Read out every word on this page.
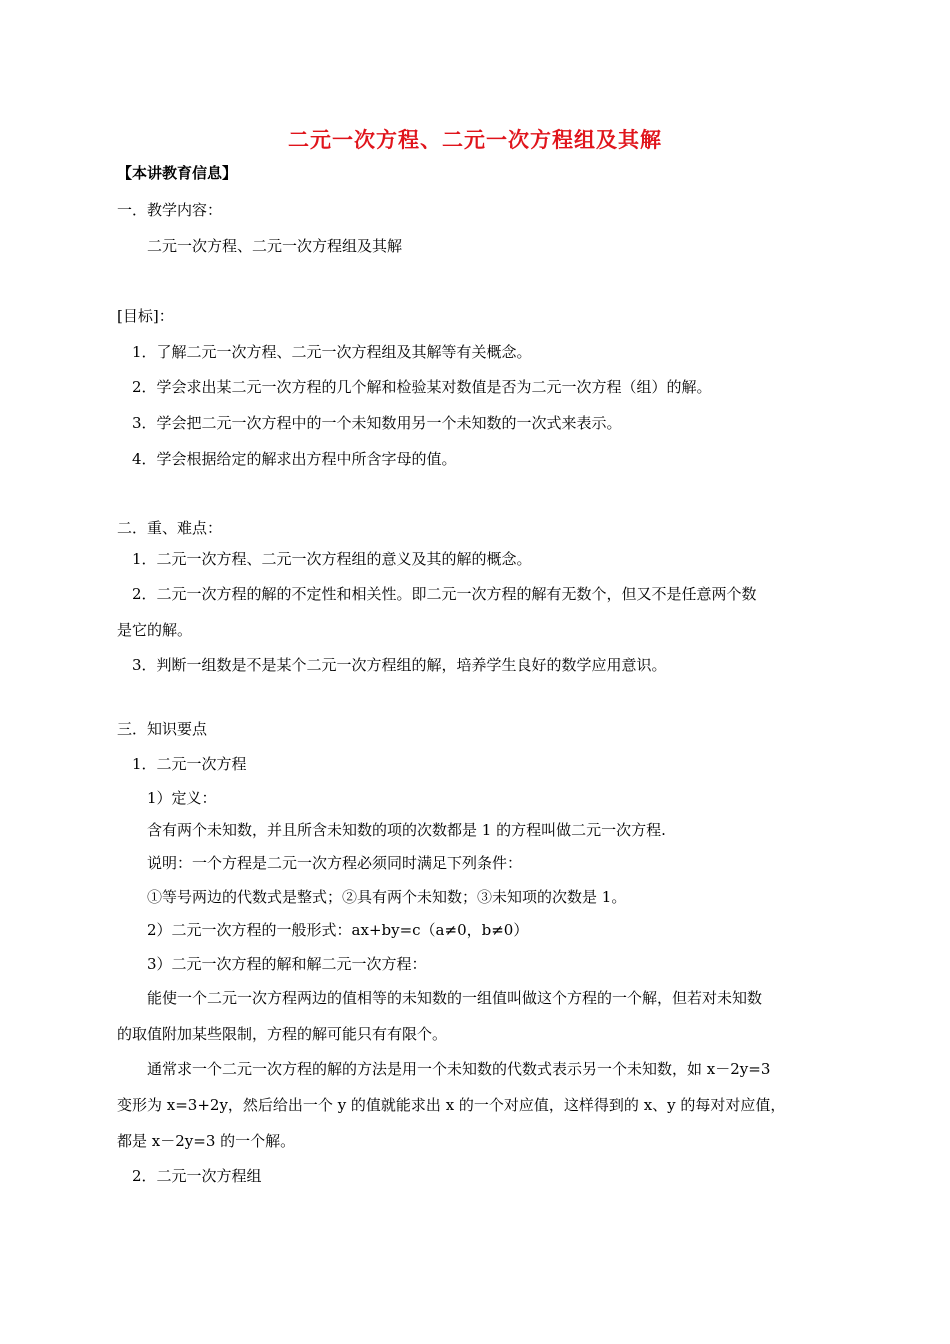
二元一次方程、二元一次方程组及其解
【本讲教育信息】
一．教学内容：
二元一次方程、二元一次方程组及其解
[目标]：
1．了解二元一次方程、二元一次方程组及其解等有关概念。
2．学会求出某二元一次方程的几个解和检验某对数值是否为二元一次方程（组）的解。
3．学会把二元一次方程中的一个未知数用另一个未知数的一次式来表示。
4．学会根据给定的解求出方程中所含字母的值。
二．重、难点：
1．二元一次方程、二元一次方程组的意义及其的解的概念。
2．二元一次方程的解的不定性和相关性。即二元一次方程的解有无数个，但又不是任意两个数
是它的解。
3．判断一组数是不是某个二元一次方程组的解，培养学生良好的数学应用意识。
三．知识要点
1．二元一次方程
1）定义：
含有两个未知数，并且所含未知数的项的次数都是 1 的方程叫做二元一次方程.
说明：一个方程是二元一次方程必须同时满足下列条件：
①等号两边的代数式是整式；②具有两个未知数；③未知项的次数是 1。
2）二元一次方程的一般形式：ax+by=c（a≠0，b≠0）
3）二元一次方程的解和解二元一次方程：
能使一个二元一次方程两边的值相等的未知数的一组值叫做这个方程的一个解，但若对未知数
的取值附加某些限制，方程的解可能只有有限个。
通常求一个二元一次方程的解的方法是用一个未知数的代数式表示另一个未知数，如 x－2y=3
变形为 x=3+2y，然后给出一个 y 的值就能求出 x 的一个对应值，这样得到的 x、y 的每对对应值，
都是 x－2y=3 的一个解。
2．二元一次方程组
